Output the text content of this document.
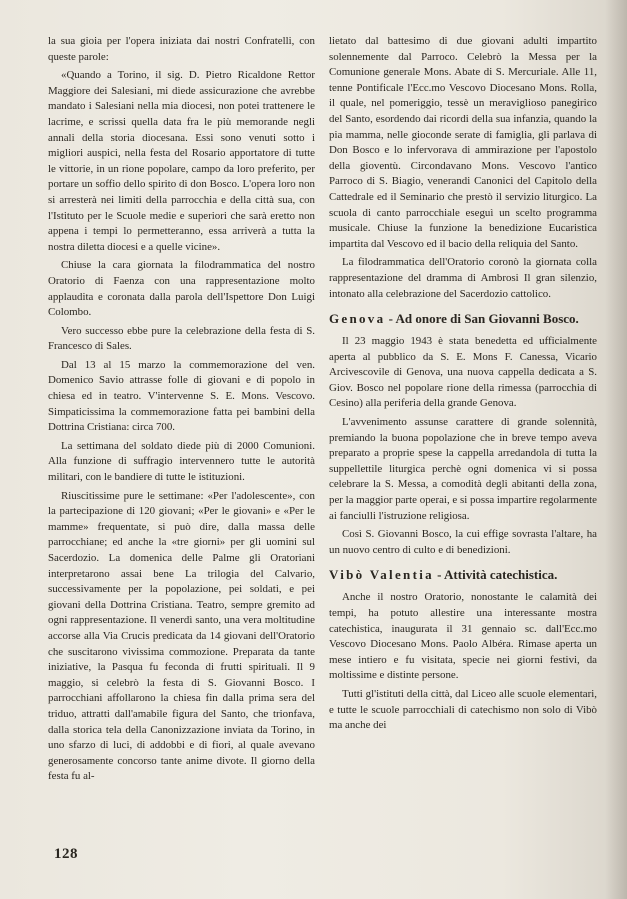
la sua gioia per l'opera iniziata dai nostri Confratelli, con queste parole:

«Quando a Torino, il sig. D. Pietro Ricaldone Rettor Maggiore dei Salesiani, mi diede assicurazione che avrebbe mandato i Salesiani nella mia diocesi, non potei trattenere le lacrime, e scrissi quella data fra le più memorande negli annali della storia diocesana. Essi sono venuti sotto i migliori auspici, nella festa del Rosario apportatore di tutte le vittorie, in un rione popolare, campo da loro preferito, per portare un soffio dello spirito di don Bosco. L'opera loro non si arresterà nei limiti della parrocchia e della città sua, con l'Istituto per le Scuole medie e superiori che sarà eretto non appena i tempi lo permetteranno, essa arriverà a tutta la nostra diletta diocesi e a quelle vicine».

Chiuse la cara giornata la filodrammatica del nostro Oratorio di Faenza con una rappresentazione molto applaudita e coronata dalla parola dell'Ispettore Don Luigi Colombo.

Vero successo ebbe pure la celebrazione della festa di S. Francesco di Sales.

Dal 13 al 15 marzo la commemorazione del ven. Domenico Savio attrasse folle di giovani e di popolo in chiesa ed in teatro. V'intervenne S. E. Mons. Vescovo. Simpaticissima la commemorazione fatta pei bambini della Dottrina Cristiana: circa 700.

La settimana del soldato diede più di 2000 Comunioni. Alla funzione di suffragio intervennero tutte le autorità militari, con le bandiere di tutte le istituzioni.

Riuscitissime pure le settimane: «Per l'adolescente», con la partecipazione di 120 giovani; «Per le giovani» e «Per le mamme» frequentate, si può dire, dalla massa delle parrocchiane; ed anche la «tre giorni» per gli uomini sul Sacerdozio. La domenica delle Palme gli Oratoriani interpretarono assai bene La trilogia del Calvario, successivamente per la popolazione, pei soldati, e pei giovani della Dottrina Cristiana. Teatro, sempre gremito ad ogni rappresentazione. Il venerdì santo, una vera moltitudine accorse alla Via Crucis predicata da 14 giovani dell'Oratorio che suscitarono vivissima commozione. Preparata da tante iniziative, la Pasqua fu feconda di frutti spirituali. Il 9 maggio, si celebrò la festa di S. Giovanni Bosco. I parrocchiani affollarono la chiesa fin dalla prima sera del triduo, attratti dall'amabile figura del Santo, che trionfava, dalla storica tela della Canonizzazione inviata da Torino, in uno sfarzo di luci, di addobbi e di fiori, al quale avevano generosamente concorso tante anime divote. Il giorno della festa fu al-

lietato dal battesimo di due giovani adulti impartito solennemente dal Parroco. Celebrò la Messa per la Comunione generale Mons. Abate di S. Mercuriale. Alle 11, tenne Pontificale l'Ecc.mo Vescovo Diocesano Mons. Rolla, il quale, nel pomeriggio, tessè un meraviglioso panegirico del Santo, esordendo dai ricordi della sua infanzia, quando la pia mamma, nelle gioconde serate di famiglia, gli parlava di Don Bosco e lo infervorava di ammirazione per l'apostolo della gioventù. Circondavano Mons. Vescovo l'antico Parroco di S. Biagio, venerandi Canonici del Capitolo della Cattedrale ed il Seminario che prestò il servizio liturgico. La scuola di canto parrocchiale eseguì un scelto programma musicale. Chiuse la funzione la benedizione Eucaristica impartita dal Vescovo ed il bacio della reliquia del Santo.

La filodrammatica dell'Oratorio coronò la giornata colla rappresentazione del dramma di Ambrosi Il gran silenzio, intonato alla celebrazione del Sacerdozio cattolico.

Genova - Ad onore di San Giovanni Bosco.

Il 23 maggio 1943 è stata benedetta ed ufficialmente aperta al pubblico da S. E. Mons F. Canessa, Vicario Arcivescovile di Genova, una nuova cappella dedicata a S. Giov. Bosco nel popolare rione della rimessa (parrocchia di Cesino) alla periferia della grande Genova.

L'avvenimento assunse carattere di grande solennità, premiando la buona popolazione che in breve tempo aveva preparato a proprie spese la cappella arredandola di tutta la suppellettile liturgica perchè ogni domenica vi si possa celebrare la S. Messa, a comodità degli abitanti della zona, per la maggior parte operai, e si possa impartire regolarmente ai fanciulli l'istruzione religiosa.

Così S. Giovanni Bosco, la cui effige sovrasta l'altare, ha un nuovo centro di culto e di benedizioni.

Vibò Valentia - Attività catechistica.

Anche il nostro Oratorio, nonostante le calamità dei tempi, ha potuto allestire una interessante mostra catechistica, inaugurata il 31 gennaio sc. dall'Ecc.mo Vescovo Diocesano Mons. Paolo Albéra. Rimase aperta un mese intiero e fu visitata, specie nei giorni festivi, da moltissime e distinte persone.

Tutti gl'istituti della città, dal Liceo alle scuole elementari, e tutte le scuole parrocchiali di catechismo non solo di Vibò ma anche dei

128
